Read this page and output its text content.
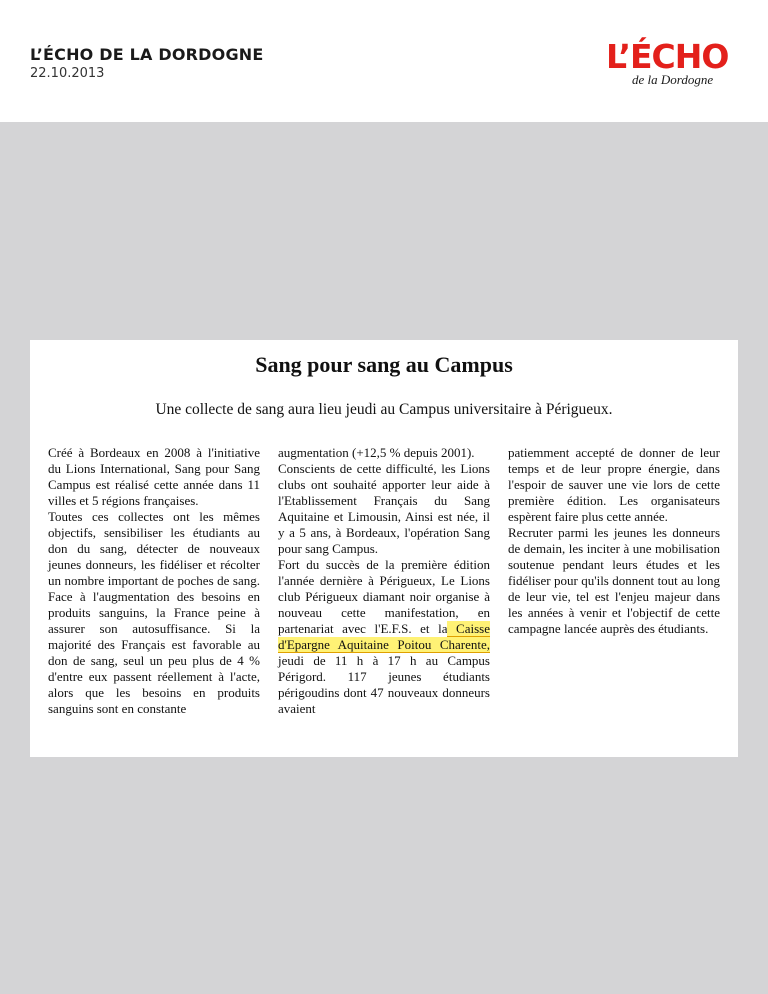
L’ÉCHO DE LA DORDOGNE
22.10.2013	L’ÉCHO
de la Dordogne
Sang pour sang au Campus

Une collecte de sang aura lieu jeudi au Campus universitaire à Périgueux.

Créé à Bordeaux en 2008 à l'initiative du Lions International, Sang pour Sang Campus est réalisé cette année dans 11 villes et 5 régions françaises.

Toutes ces collectes ont les mêmes objectifs, sensibiliser les étudiants au don du sang, détecter de nouveaux jeunes donneurs, les fidéliser et récolter un nombre important de poches de sang. Face à l'augmentation des besoins en produits sanguins, la France peine à assurer son autosuffisance. Si la majorité des Français est favorable au don de sang, seul un peu plus de 4 % d'entre eux passent réellement à l'acte, alors que les besoins en produits sanguins sont en constante

augmentation (+12,5 % depuis 2001).

Conscients de cette difficulté, les Lions clubs ont souhaité apporter leur aide à l'Etablissement Français du Sang Aquitaine et Limousin, Ainsi est née, il y a 5 ans, à Bordeaux, l'opération Sang pour sang Campus.

Fort du succès de la première édition l'année dernière à Périgueux, Le Lions club Périgueux diamant noir organise à nouveau cette manifestation, en partenariat avec l'E.F.S. et la Caisse d'Epargne Aquitaine Poitou Charente, jeudi de 11 h à 17 h au Campus Périgord. 117 jeunes étudiants périgoudins dont 47 nouveaux donneurs avaient

patiemment accepté de donner de leur temps et de leur propre énergie, dans l'espoir de sauver une vie lors de cette première édition. Les organisateurs espèrent faire plus cette année.

Recruter parmi les jeunes les donneurs de demain, les inciter à une mobilisation soutenue pendant leurs études et les fidéliser pour qu'ils donnent tout au long de leur vie, tel est l'enjeu majeur dans les années à venir et l'objectif de cette campagne lancée auprès des étudiants.
